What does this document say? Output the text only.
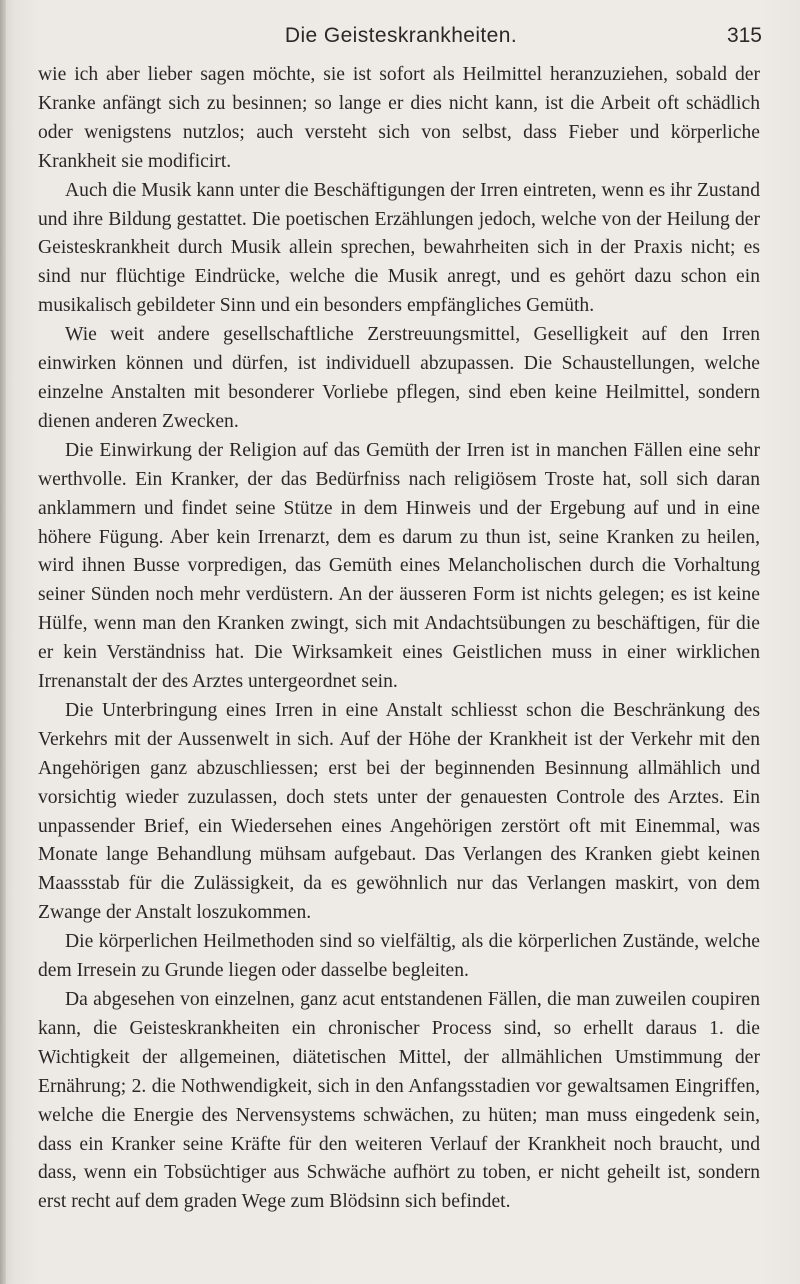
Die Geisteskrankheiten.	315

wie ich aber lieber sagen möchte, sie ist sofort als Heilmittel heranzuziehen, sobald der Kranke anfängt sich zu besinnen; so lange er dies nicht kann, ist die Arbeit oft schädlich oder wenigstens nutzlos; auch versteht sich von selbst, dass Fieber und körperliche Krankheit sie modificirt.

Auch die Musik kann unter die Beschäftigungen der Irren eintreten, wenn es ihr Zustand und ihre Bildung gestattet. Die poetischen Erzählungen jedoch, welche von der Heilung der Geisteskrankheit durch Musik allein sprechen, bewahrheiten sich in der Praxis nicht; es sind nur flüchtige Eindrücke, welche die Musik anregt, und es gehört dazu schon ein musikalisch gebildeter Sinn und ein besonders empfängliches Gemüth.

Wie weit andere gesellschaftliche Zerstreuungsmittel, Geselligkeit auf den Irren einwirken können und dürfen, ist individuell abzupassen. Die Schaustellungen, welche einzelne Anstalten mit besonderer Vorliebe pflegen, sind eben keine Heilmittel, sondern dienen anderen Zwecken.

Die Einwirkung der Religion auf das Gemüth der Irren ist in manchen Fällen eine sehr werthvolle. Ein Kranker, der das Bedürfniss nach religiösem Troste hat, soll sich daran anklammern und findet seine Stütze in dem Hinweis und der Ergebung auf und in eine höhere Fügung. Aber kein Irrenarzt, dem es darum zu thun ist, seine Kranken zu heilen, wird ihnen Busse vorpredigen, das Gemüth eines Melancholischen durch die Vorhaltung seiner Sünden noch mehr verdüstern. An der äusseren Form ist nichts gelegen; es ist keine Hülfe, wenn man den Kranken zwingt, sich mit Andachtsübungen zu beschäftigen, für die er kein Verständniss hat. Die Wirksamkeit eines Geistlichen muss in einer wirklichen Irrenanstalt der des Arztes untergeordnet sein.

Die Unterbringung eines Irren in eine Anstalt schliesst schon die Beschränkung des Verkehrs mit der Aussenwelt in sich. Auf der Höhe der Krankheit ist der Verkehr mit den Angehörigen ganz abzuschliessen; erst bei der beginnenden Besinnung allmählich und vorsichtig wieder zuzulassen, doch stets unter der genauesten Controle des Arztes. Ein unpassender Brief, ein Wiedersehen eines Angehörigen zerstört oft mit Einemmal, was Monate lange Behandlung mühsam aufgebaut. Das Verlangen des Kranken giebt keinen Maassstab für die Zulässigkeit, da es gewöhnlich nur das Verlangen maskirt, von dem Zwange der Anstalt loszukommen.

Die körperlichen Heilmethoden sind so vielfältig, als die körperlichen Zustände, welche dem Irresein zu Grunde liegen oder dasselbe begleiten.

Da abgesehen von einzelnen, ganz acut entstandenen Fällen, die man zuweilen coupiren kann, die Geisteskrankheiten ein chronischer Process sind, so erhellt daraus 1. die Wichtigkeit der allgemeinen, diätetischen Mittel, der allmählichen Umstimmung der Ernährung; 2. die Nothwendigkeit, sich in den Anfangsstadien vor gewaltsamen Eingriffen, welche die Energie des Nervensystems schwächen, zu hüten; man muss eingedenk sein, dass ein Kranker seine Kräfte für den weiteren Verlauf der Krankheit noch braucht, und dass, wenn ein Tobsüchtiger aus Schwäche aufhört zu toben, er nicht geheilt ist, sondern erst recht auf dem graden Wege zum Blödsinn sich befindet.
